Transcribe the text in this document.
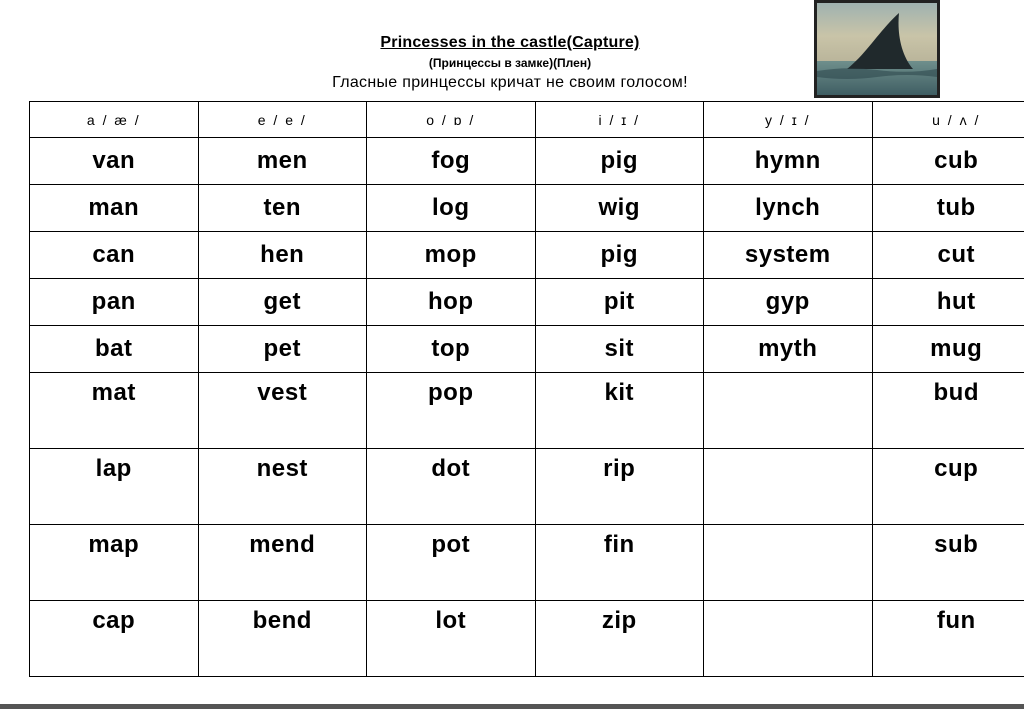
Princesses in the castle(Capture)
(Принцессы в замке)(Плен)
Гласные принцессы кричат не своим голосом!
a / æ /	e / e /	o / ɒ /	i / ɪ /	y / ɪ /	u / ʌ /
van	men	fog	pig	hymn	cub
man	ten	log	wig	lynch	tub
can	hen	mop	pig	system	cut
pan	get	hop	pit	gyp	hut
bat	pet	top	sit	myth	mug
mat	vest	pop	kit		bud
lap	nest	dot	rip		cup
map	mend	pot	fin		sub
cap	bend	lot	zip		fun
